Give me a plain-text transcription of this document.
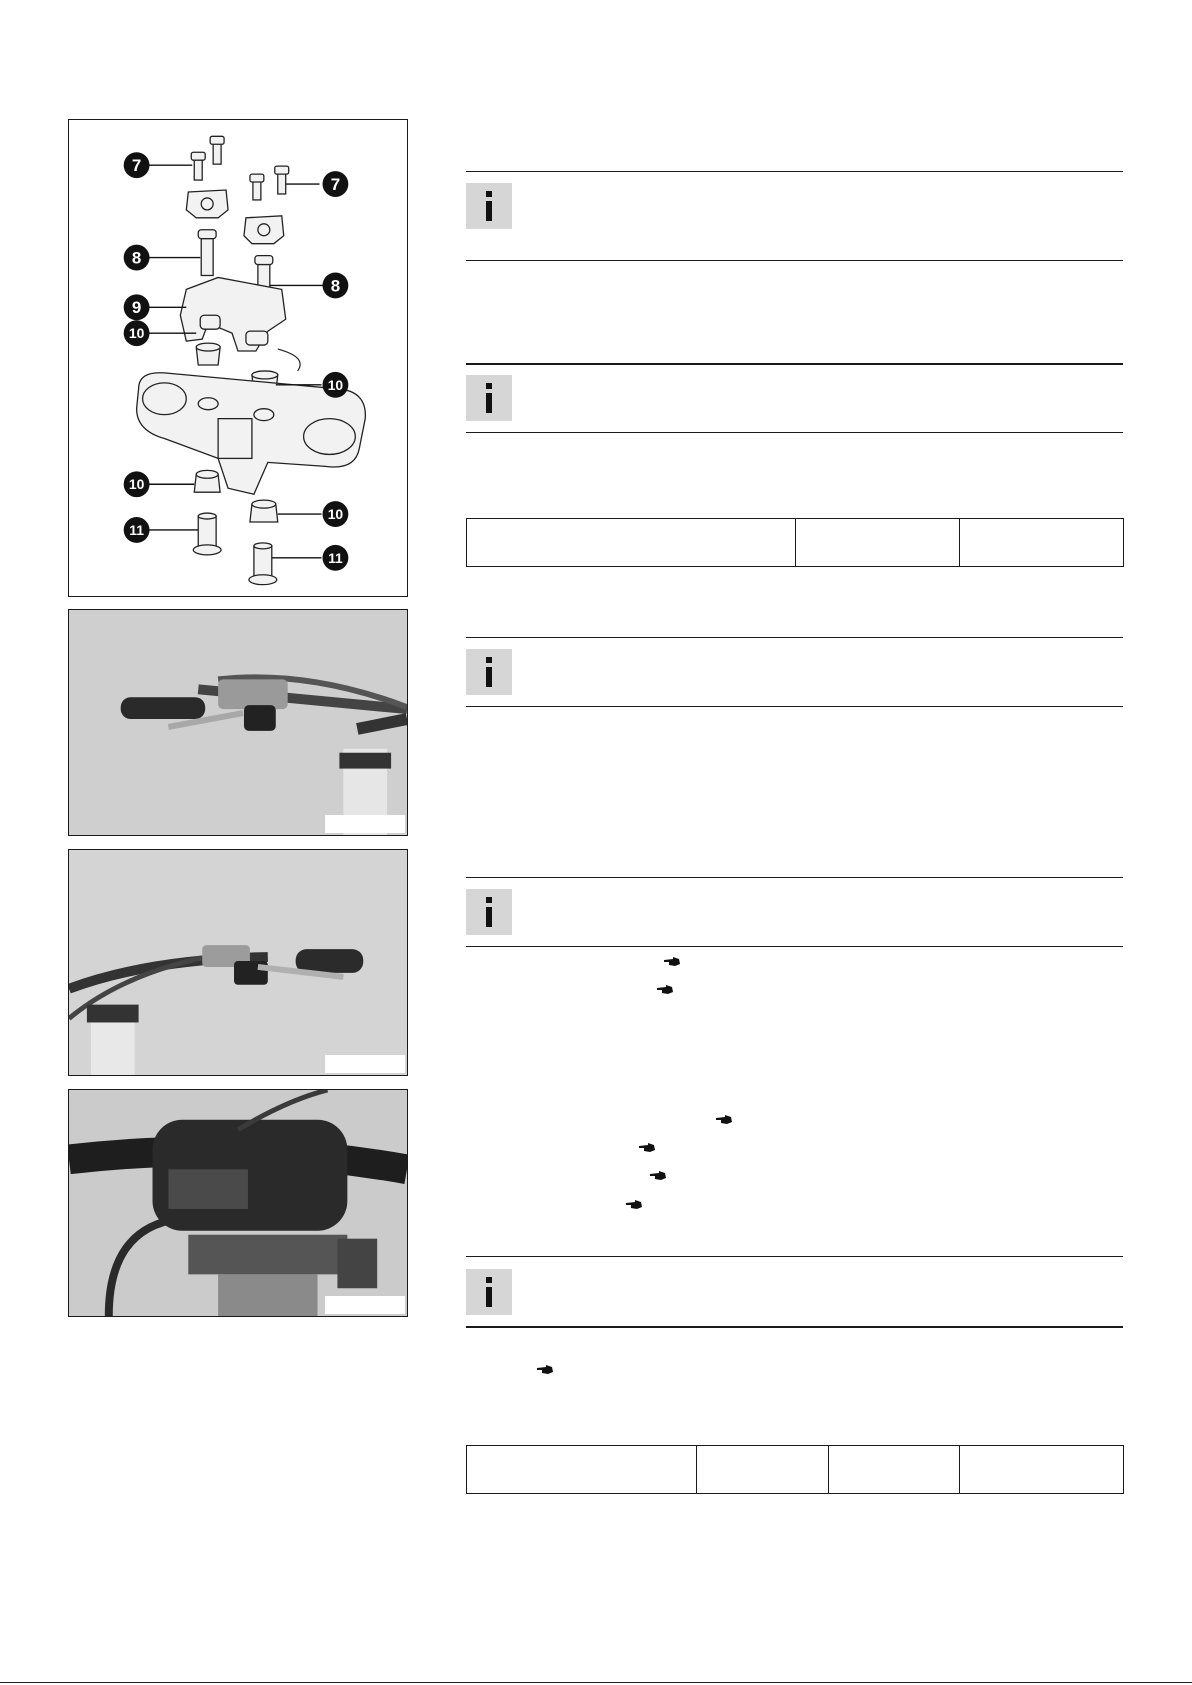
7
7
8
8
9
10
10
10
10
11
11
